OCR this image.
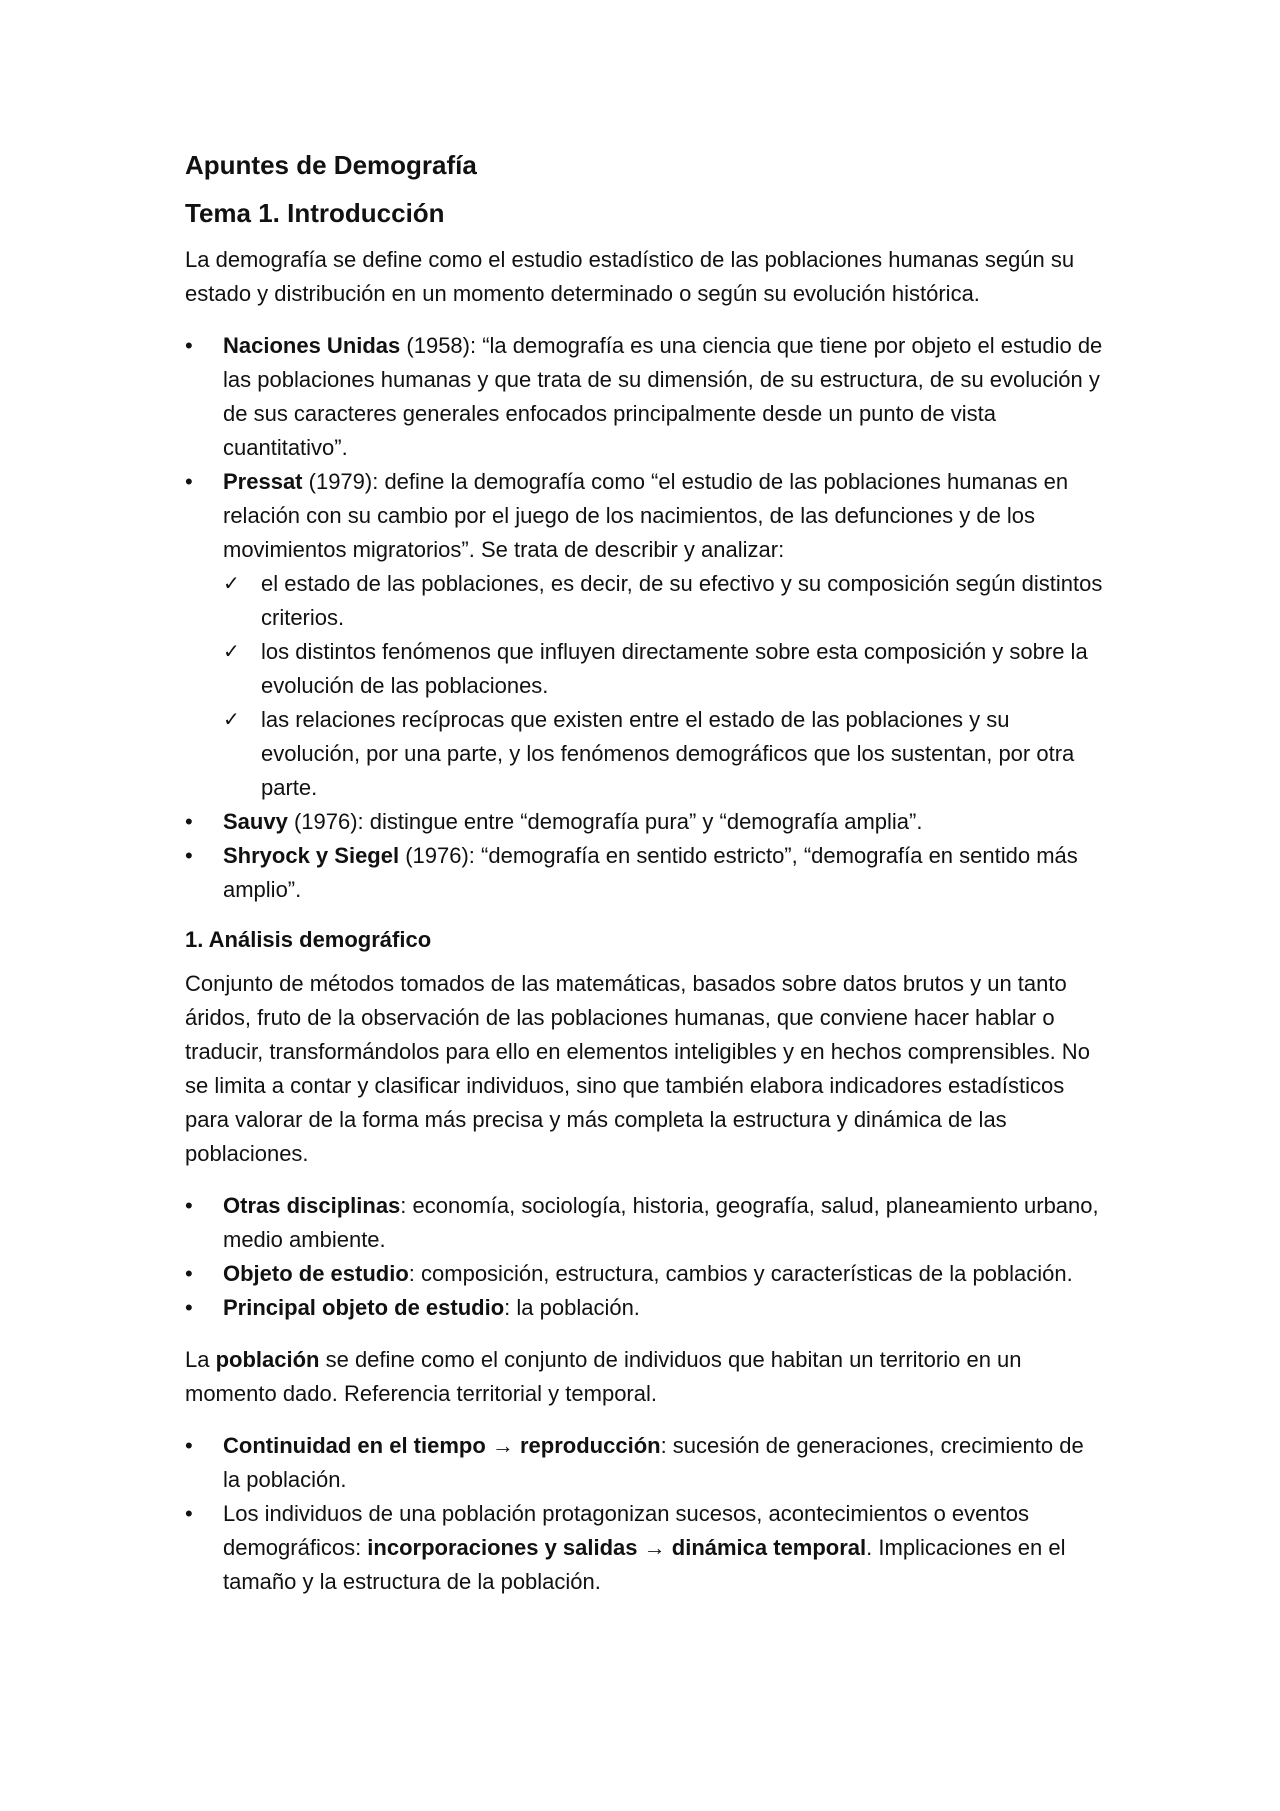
Apuntes de Demografía
Tema 1. Introducción

La demografía se define como el estudio estadístico de las poblaciones humanas según su estado y distribución en un momento determinado o según su evolución histórica.

•	Naciones Unidas (1958): “la demografía es una ciencia que tiene por objeto el estudio de las poblaciones humanas y que trata de su dimensión, de su estructura, de su evolución y de sus caracteres generales enfocados principalmente desde un punto de vista cuantitativo”.
•	Pressat (1979): define la demografía como “el estudio de las poblaciones humanas en relación con su cambio por el juego de los nacimientos, de las defunciones y de los movimientos migratorios”. Se trata de describir y analizar:
✓ el estado de las poblaciones, es decir, de su efectivo y su composición según distintos criterios.
✓ los distintos fenómenos que influyen directamente sobre esta composición y sobre la evolución de las poblaciones.
✓ las relaciones recíprocas que existen entre el estado de las poblaciones y su evolución, por una parte, y los fenómenos demográficos que los sustentan, por otra parte.
•	Sauvy (1976): distingue entre “demografía pura” y “demografía amplia”.
•	Shryock y Siegel (1976): “demografía en sentido estricto”, “demografía en sentido más amplio”.
1. Análisis demográfico

Conjunto de métodos tomados de las matemáticas, basados sobre datos brutos y un tanto áridos, fruto de la observación de las poblaciones humanas, que conviene hacer hablar o traducir, transformándolos para ello en elementos inteligibles y en hechos comprensibles. No se limita a contar y clasificar individuos, sino que también elabora indicadores estadísticos para valorar de la forma más precisa y más completa la estructura y dinámica de las poblaciones.

•	Otras disciplinas: economía, sociología, historia, geografía, salud, planeamiento urbano, medio ambiente.
•	Objeto de estudio: composición, estructura, cambios y características de la población.
•	Principal objeto de estudio: la población.

La población se define como el conjunto de individuos que habitan un territorio en un momento dado. Referencia territorial y temporal.

•	Continuidad en el tiempo → reproducción: sucesión de generaciones, crecimiento de la población.
•	Los individuos de una población protagonizan sucesos, acontecimientos o eventos demográficos: incorporaciones y salidas → dinámica temporal. Implicaciones en el tamaño y la estructura de la población.
